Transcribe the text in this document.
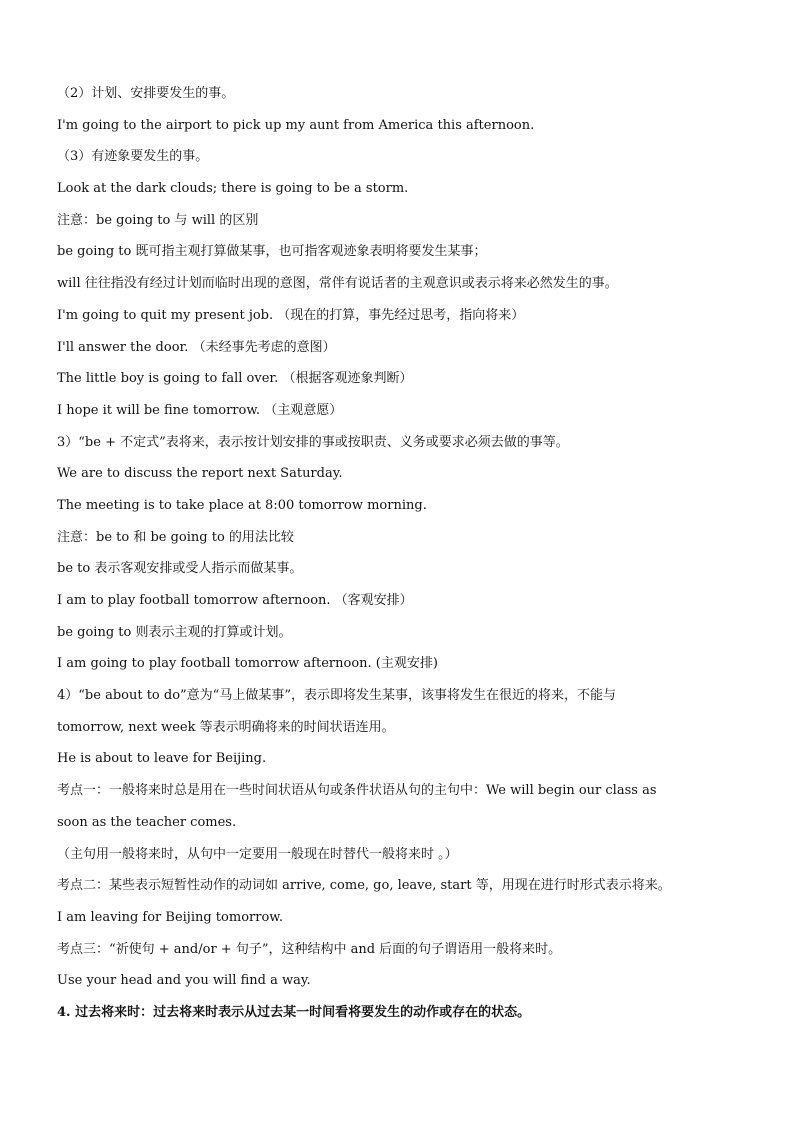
（2）计划、安排要发生的事。
I'm going to the airport to pick up my aunt from America this afternoon.
（3）有迹象要发生的事。
Look at the dark clouds; there is going to be a storm.
注意：be going to 与 will 的区别
be going to 既可指主观打算做某事，也可指客观迹象表明将要发生某事；
will 往往指没有经过计划而临时出现的意图，常伴有说话者的主观意识或表示将来必然发生的事。
I'm going to quit my present job. （现在的打算，事先经过思考，指向将来）
I'll answer the door. （未经事先考虑的意图）
The little boy is going to fall over. （根据客观迹象判断）
I hope it will be fine tomorrow. （主观意愿）
3）“be + 不定式”表将来，表示按计划安排的事或按职责、义务或要求必须去做的事等。
We are to discuss the report next Saturday.
The meeting is to take place at 8:00 tomorrow morning.
注意：be to 和 be going to 的用法比较
be to 表示客观安排或受人指示而做某事。
I am to play football tomorrow afternoon. （客观安排）
be going to 则表示主观的打算或计划。
I am going to play football tomorrow afternoon. (主观安排)
4）“be about to do”意为“马上做某事”，表示即将发生某事，该事将发生在很近的将来，不能与
tomorrow, next week 等表示明确将来的时间状语连用。
He is about to leave for Beijing.
考点一：一般将来时总是用在一些时间状语从句或条件状语从句的主句中：We will begin our class as
soon as the teacher comes.
（主句用一般将来时，从句中一定要用一般现在时替代一般将来时 。）
考点二：某些表示短暂性动作的动词如 arrive, come, go, leave, start 等，用现在进行时形式表示将来。
I am leaving for Beijing tomorrow.
考点三：“祈使句 + and/or + 句子”，这种结构中 and 后面的句子谓语用一般将来时。
Use your head and you will find a way.
4. 过去将来时：过去将来时表示从过去某一时间看将要发生的动作或存在的状态。
